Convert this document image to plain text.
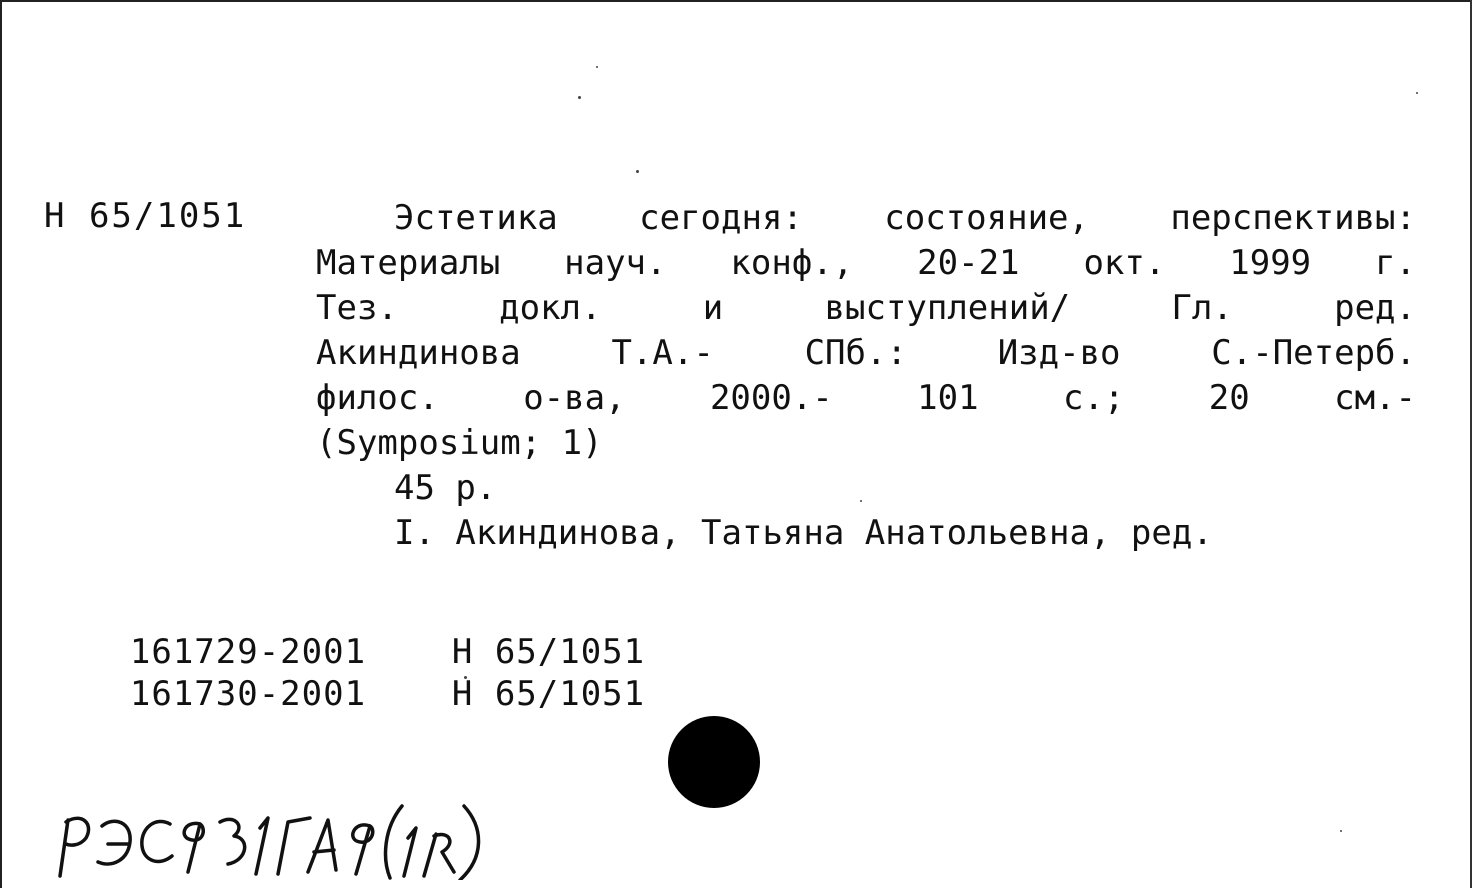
Н 65/1051	Эстетика сегодня: состояние, перспективы:
Материалы науч. конф., 20-21 окт. 1999 г.
Тез. докл. и выступлений/ Гл. ред.
Акиндинова Т.А.- СПб.: Изд-во С.-Петерб.
филос. о-ва, 2000.- 101 с.; 20 см.-
(Symposium; 1)
45 р.
I. Акиндинова, Татьяна Анатольевна, ред.

161729-2001	Н 65/1051

161730-2001	Н 65/1051
